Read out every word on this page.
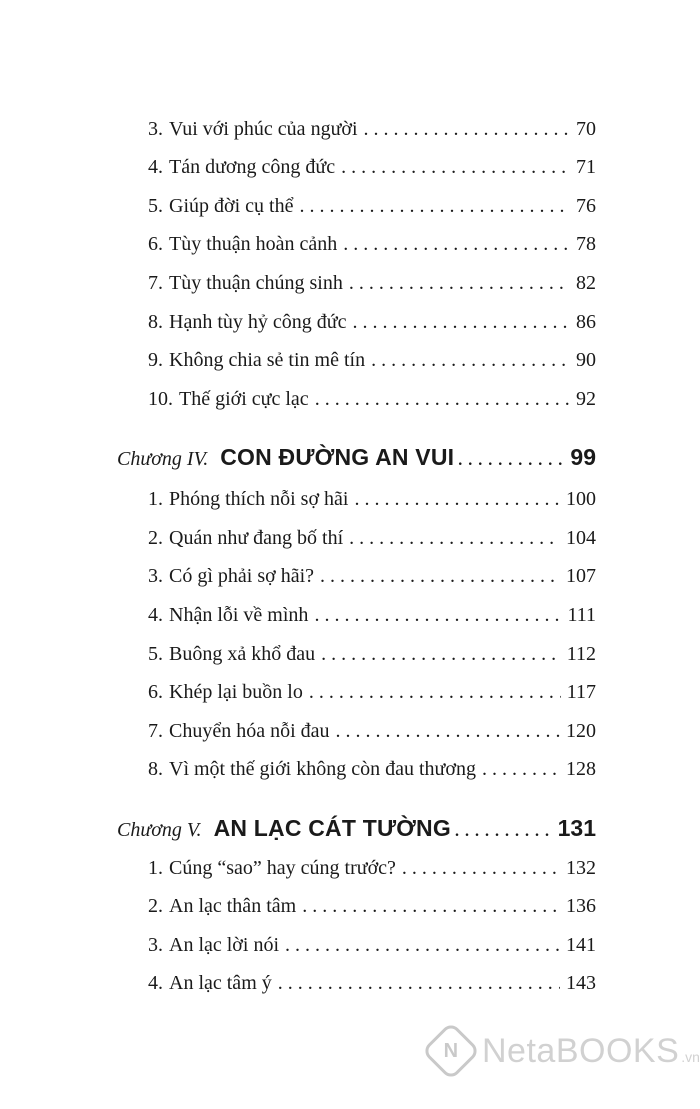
3. Vui với phúc của người . . .	70
4. Tán dương công đức . . .	71
5. Giúp đời cụ thể . . .	76
6. Tùy thuận hoàn cảnh . . .	78
7. Tùy thuận chúng sinh . . .	82
8. Hạnh tùy hỷ công đức . . .	86
9. Không chia sẻ tin mê tín . . .	90
10. Thế giới cực lạc . . .	92
Chương IV. CON ĐƯỜNG AN VUI . . .	99
1. Phóng thích nỗi sợ hãi . . .	100
2. Quán như đang bố thí . . .	104
3. Có gì phải sợ hãi? . . .	107
4. Nhận lỗi về mình . . .	111
5. Buông xả khổ đau . . .	112
6. Khép lại buồn lo . . .	117
7. Chuyển hóa nỗi đau . . .	120
8. Vì một thế giới không còn đau thương . . .	128
Chương V. AN LẠC CÁT TƯỜNG . . .	131
1. Cúng “sao” hay cúng trước? . . .	132
2. An lạc thân tâm . . .	136
3. An lạc lời nói . . .	141
4. An lạc tâm ý . . .	143
N NetaBOOKS .vn
